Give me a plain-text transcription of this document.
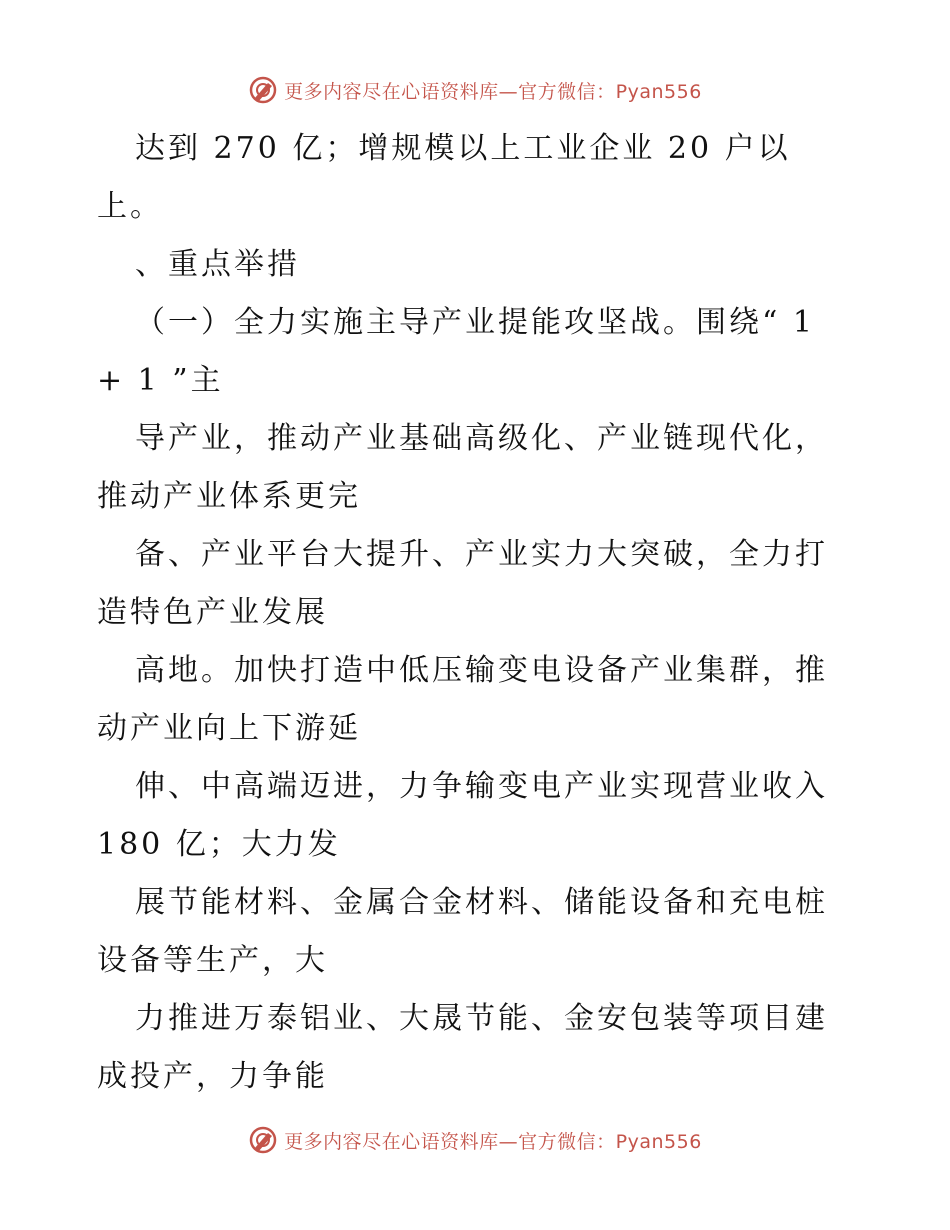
更多内容尽在心语资料库—官方微信：Pyan556
达到 270 亿；增规模以上工业企业 20 户以
上。
、重点举措
（一）全力实施主导产业提能攻坚战。围绕“ 1
+ 1 ”主
导产业，推动产业基础高级化、产业链现代化，
推动产业体系更完
备、产业平台大提升、产业实力大突破，全力打
造特色产业发展
高地。加快打造中低压输变电设备产业集群，推
动产业向上下游延
伸、中高端迈进，力争输变电产业实现营业收入
180 亿；大力发
展节能材料、金属合金材料、储能设备和充电桩
设备等生产，大
力推进万泰铝业、大晟节能、金安包装等项目建
成投产，力争能
更多内容尽在心语资料库—官方微信：Pyan556
